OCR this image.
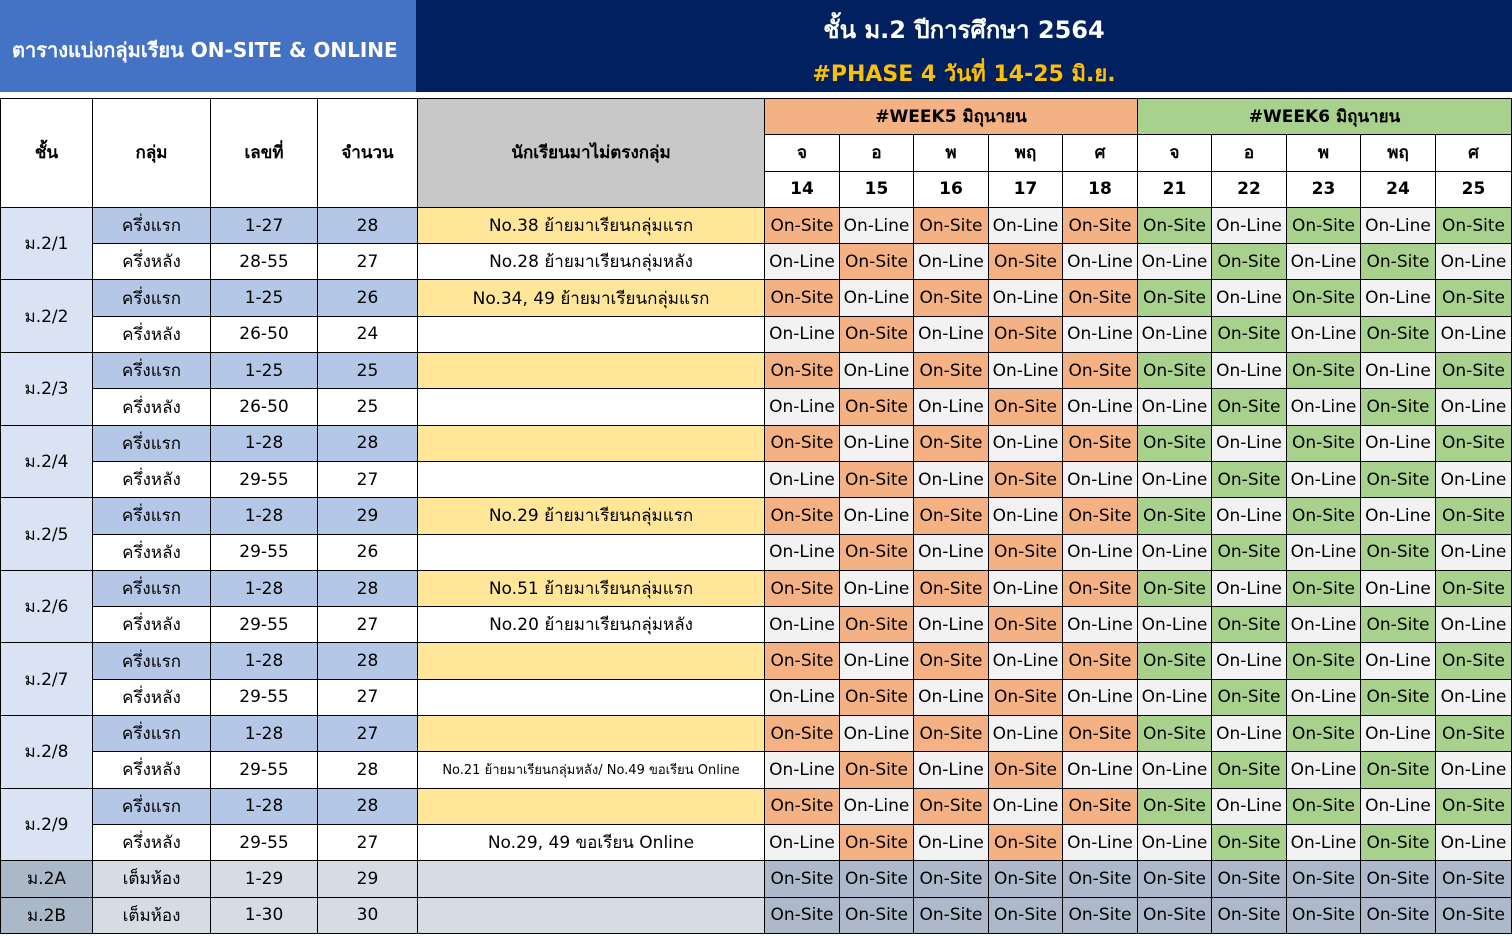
ตารางแบ่งกลุ่มเรียน ON-SITE & ONLINE
ชั้น ม.2 ปีการศึกษา 2564
#PHASE 4 วันที่ 14-25 มิ.ย.
ชั้น	กลุ่ม	เลขที่	จำนวน	นักเรียนมาไม่ตรงกลุ่ม	#WEEK5 มิถุนายน					#WEEK6 มิถุนายน				
					จ	อ	พ	พฤ	ศ	จ	อ	พ	พฤ	ศ
					14	15	16	17	18	21	22	23	24	25
ม.2/1	ครึ่งแรก	1-27	28	No.38 ย้ายมาเรียนกลุ่มแรก	On-Site	On-Line	On-Site	On-Line	On-Site	On-Site	On-Line	On-Site	On-Line	On-Site
	ครึ่งหลัง	28-55	27	No.28 ย้ายมาเรียนกลุ่มหลัง	On-Line	On-Site	On-Line	On-Site	On-Line	On-Line	On-Site	On-Line	On-Site	On-Line
ม.2/2	ครึ่งแรก	1-25	26	No.34, 49 ย้ายมาเรียนกลุ่มแรก	On-Site	On-Line	On-Site	On-Line	On-Site	On-Site	On-Line	On-Site	On-Line	On-Site
	ครึ่งหลัง	26-50	24		On-Line	On-Site	On-Line	On-Site	On-Line	On-Line	On-Site	On-Line	On-Site	On-Line
ม.2/3	ครึ่งแรก	1-25	25		On-Site	On-Line	On-Site	On-Line	On-Site	On-Site	On-Line	On-Site	On-Line	On-Site
	ครึ่งหลัง	26-50	25		On-Line	On-Site	On-Line	On-Site	On-Line	On-Line	On-Site	On-Line	On-Site	On-Line
ม.2/4	ครึ่งแรก	1-28	28		On-Site	On-Line	On-Site	On-Line	On-Site	On-Site	On-Line	On-Site	On-Line	On-Site
	ครึ่งหลัง	29-55	27		On-Line	On-Site	On-Line	On-Site	On-Line	On-Line	On-Site	On-Line	On-Site	On-Line
ม.2/5	ครึ่งแรก	1-28	29	No.29 ย้ายมาเรียนกลุ่มแรก	On-Site	On-Line	On-Site	On-Line	On-Site	On-Site	On-Line	On-Site	On-Line	On-Site
	ครึ่งหลัง	29-55	26		On-Line	On-Site	On-Line	On-Site	On-Line	On-Line	On-Site	On-Line	On-Site	On-Line
ม.2/6	ครึ่งแรก	1-28	28	No.51 ย้ายมาเรียนกลุ่มแรก	On-Site	On-Line	On-Site	On-Line	On-Site	On-Site	On-Line	On-Site	On-Line	On-Site
	ครึ่งหลัง	29-55	27	No.20 ย้ายมาเรียนกลุ่มหลัง	On-Line	On-Site	On-Line	On-Site	On-Line	On-Line	On-Site	On-Line	On-Site	On-Line
ม.2/7	ครึ่งแรก	1-28	28		On-Site	On-Line	On-Site	On-Line	On-Site	On-Site	On-Line	On-Site	On-Line	On-Site
	ครึ่งหลัง	29-55	27		On-Line	On-Site	On-Line	On-Site	On-Line	On-Line	On-Site	On-Line	On-Site	On-Line
ม.2/8	ครึ่งแรก	1-28	27		On-Site	On-Line	On-Site	On-Line	On-Site	On-Site	On-Line	On-Site	On-Line	On-Site
	ครึ่งหลัง	29-55	28	No.21 ย้ายมาเรียนกลุ่มหลัง/ No.49 ขอเรียน Online	On-Line	On-Site	On-Line	On-Site	On-Line	On-Line	On-Site	On-Line	On-Site	On-Line
ม.2/9	ครึ่งแรก	1-28	28		On-Site	On-Line	On-Site	On-Line	On-Site	On-Site	On-Line	On-Site	On-Line	On-Site
	ครึ่งหลัง	29-55	27	No.29, 49 ขอเรียน Online	On-Line	On-Site	On-Line	On-Site	On-Line	On-Line	On-Site	On-Line	On-Site	On-Line
ม.2A	เต็มห้อง	1-29	29		On-Site	On-Site	On-Site	On-Site	On-Site	On-Site	On-Site	On-Site	On-Site	On-Site
ม.2B	เต็มห้อง	1-30	30		On-Site	On-Site	On-Site	On-Site	On-Site	On-Site	On-Site	On-Site	On-Site	On-Site
